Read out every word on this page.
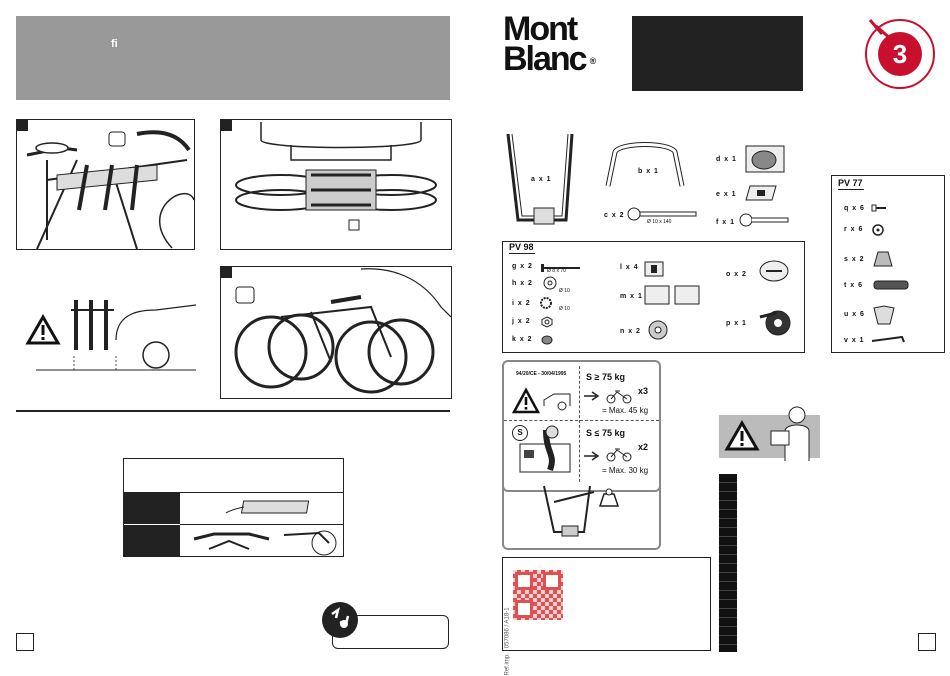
ﬁ	Mont
Blanc ®	3
a x 1
b x 1
c x 2
Ø 10 x 140
d x 1
e x 1
f x 1
PV 98
g x 2
Ø 8 x 70
h x 2
Ø 10
i x 2
Ø 10
j x 2
k x 2
l x 4
m x 1
n x 2
o x 2
p x 1
PV 77
q x 6
r x 6
s x 2
t x 6
u x 6
v x 1
94/20/CE - 30/04/1995 S ≥ 75 kg
x3
= Max. 45 kg
S	S ≤ 75 kg
x2
= Max. 30 kg
Ref.imp. : 057086 / A18-1
